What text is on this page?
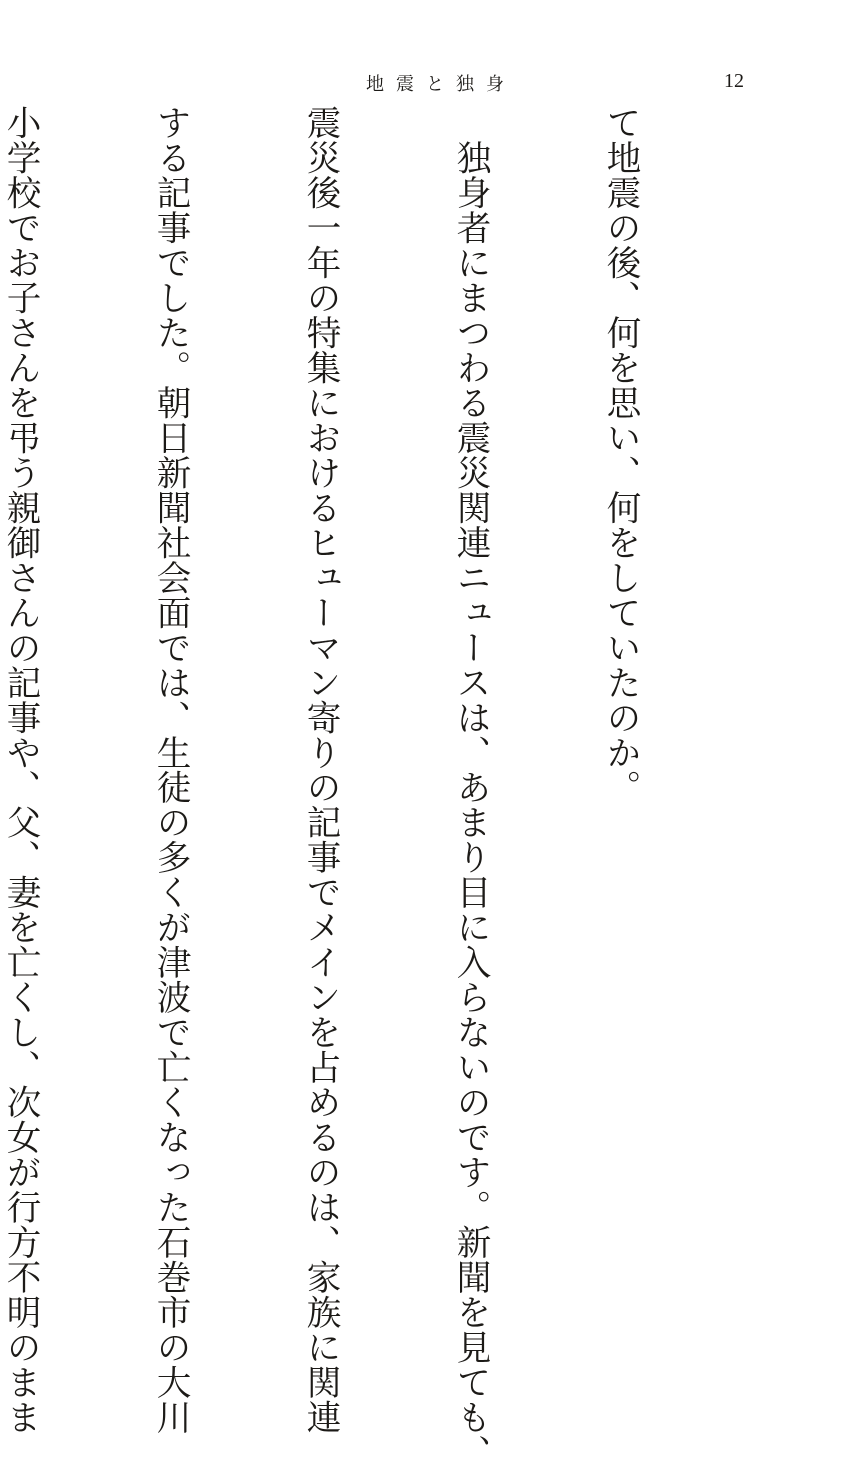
地震と独身	12

て地震の後、何を思い、何をしていたのか。

　独身者にまつわる震災関連ニュースは、あまり目に入らないのです。新聞を見ても、

震災後一年の特集におけるヒューマン寄りの記事でメインを占めるのは、家族に関連

する記事でした。朝日新聞社会面では、生徒の多くが津波で亡くなった石巻市の大川

小学校でお子さんを弔う親御さんの記事や、父、妻を亡くし、次女が行方不明のまま
